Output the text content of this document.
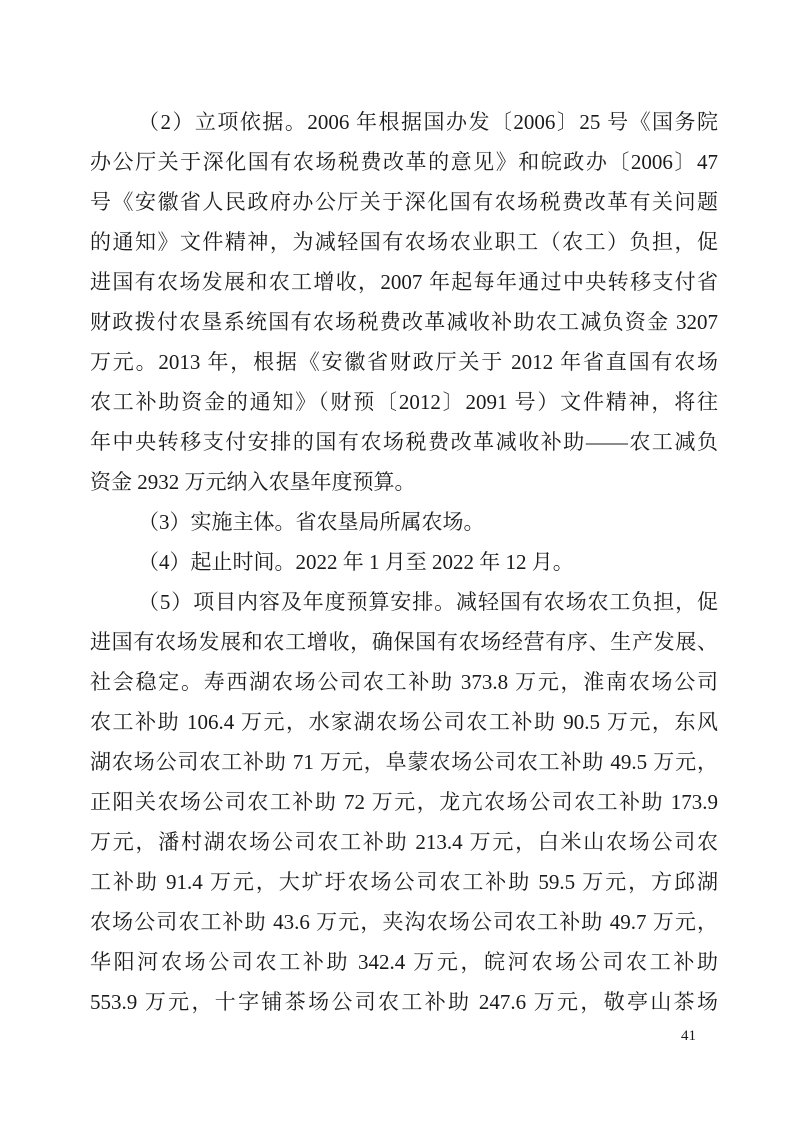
（2）立项依据。2006 年根据国办发〔2006〕25 号《国务院
办公厅关于深化国有农场税费改革的意见》和皖政办〔2006〕47
号《安徽省人民政府办公厅关于深化国有农场税费改革有关问题
的通知》文件精神，为减轻国有农场农业职工（农工）负担，促
进国有农场发展和农工增收，2007 年起每年通过中央转移支付省
财政拨付农垦系统国有农场税费改革减收补助农工减负资金 3207
万元。2013 年，根据《安徽省财政厅关于 2012 年省直国有农场
农工补助资金的通知》（财预〔2012〕2091 号）文件精神，将往
年中央转移支付安排的国有农场税费改革减收补助——农工减负
资金 2932 万元纳入农垦年度预算。
（3）实施主体。省农垦局所属农场。
（4）起止时间。2022 年 1 月至 2022 年 12 月。
（5）项目内容及年度预算安排。减轻国有农场农工负担，促
进国有农场发展和农工增收，确保国有农场经营有序、生产发展、
社会稳定。寿西湖农场公司农工补助 373.8 万元，淮南农场公司
农工补助 106.4 万元，水家湖农场公司农工补助 90.5 万元，东风
湖农场公司农工补助 71 万元，阜蒙农场公司农工补助 49.5 万元，
正阳关农场公司农工补助 72 万元，龙亢农场公司农工补助 173.9
万元，潘村湖农场公司农工补助 213.4 万元，白米山农场公司农
工补助 91.4 万元，大圹圩农场公司农工补助 59.5 万元，方邱湖
农场公司农工补助 43.6 万元，夹沟农场公司农工补助 49.7 万元，
华阳河农场公司农工补助 342.4 万元，皖河农场公司农工补助
553.9 万元，十字铺茶场公司农工补助 247.6 万元，敬亭山茶场
41
